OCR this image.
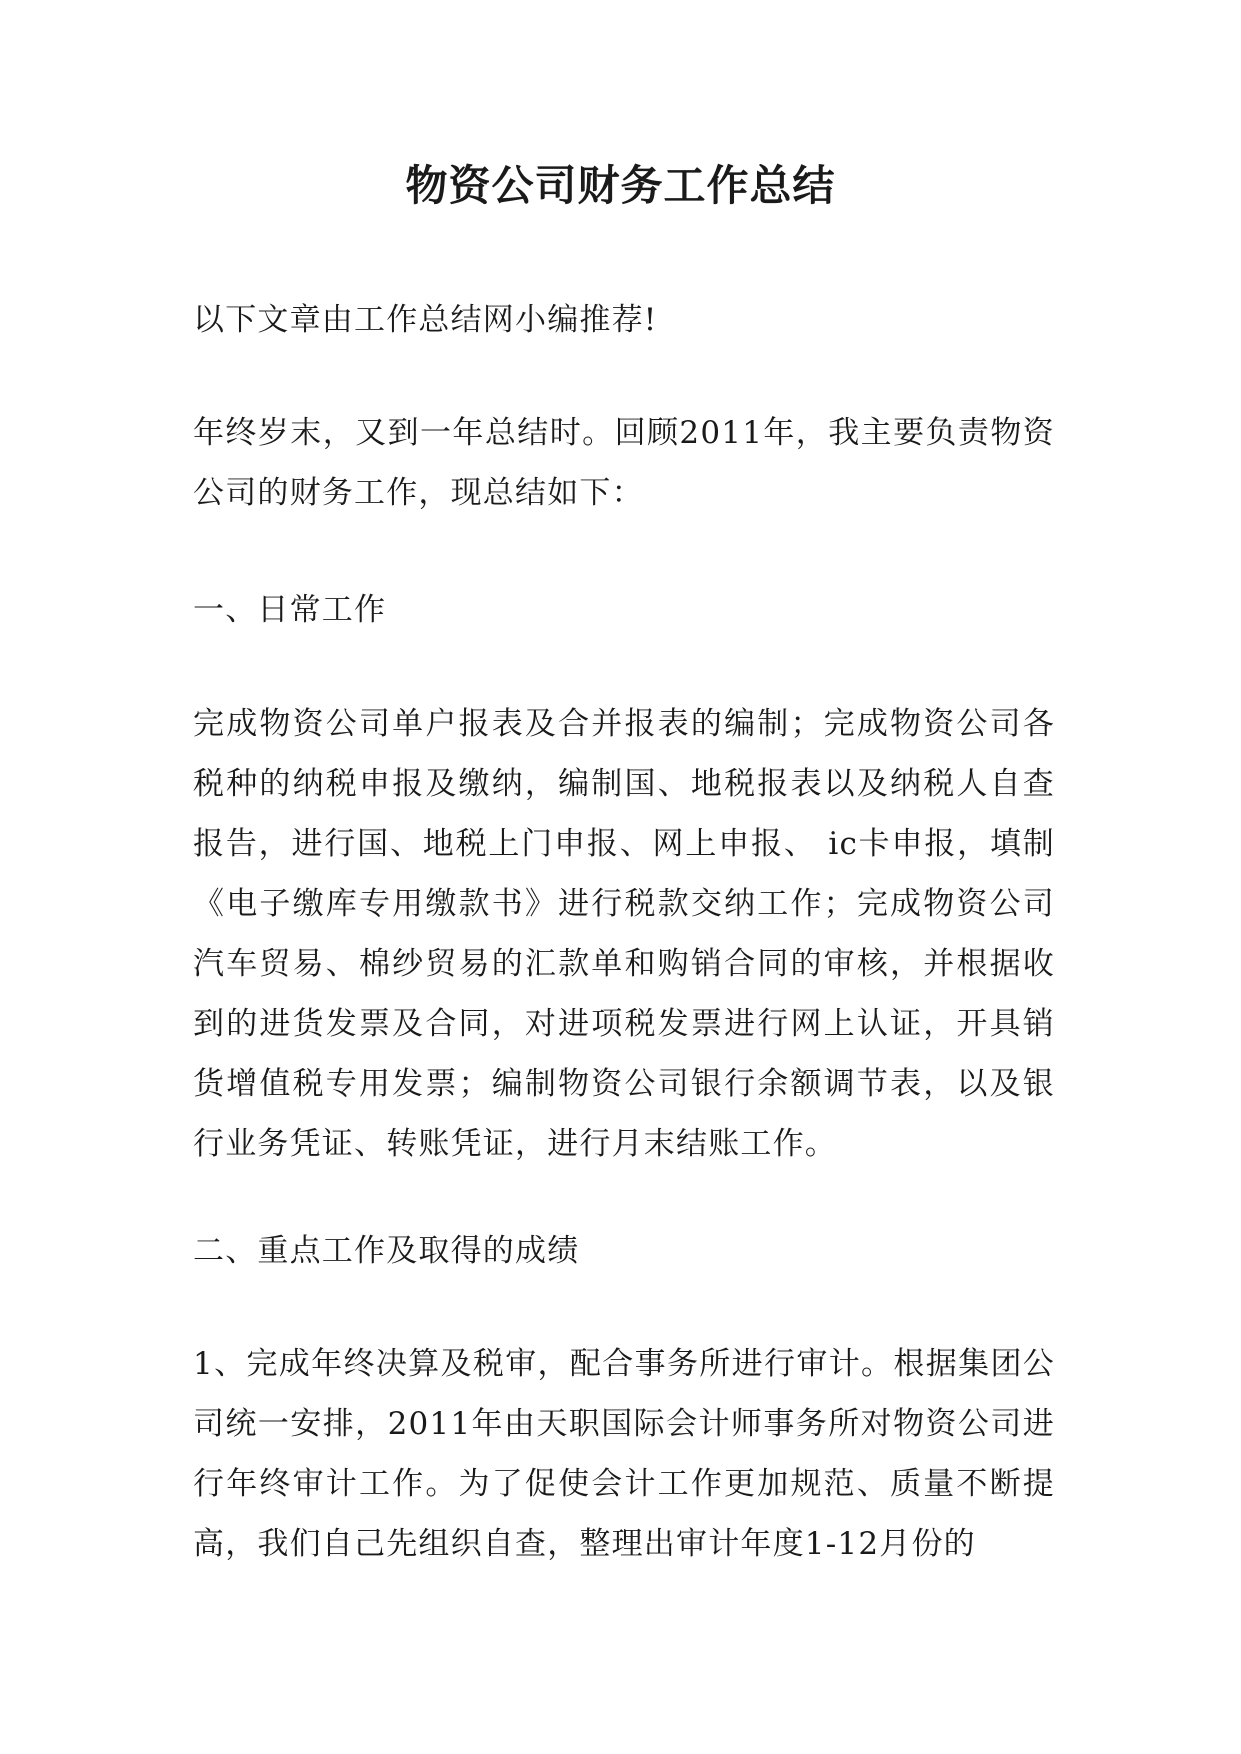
物资公司财务工作总结

以下文章由工作总结网小编推荐!

年终岁末，又到一年总结时。回顾2011年，我主要负责物资公司的财务工作，现总结如下：

一、日常工作

完成物资公司单户报表及合并报表的编制；完成物资公司各税种的纳税申报及缴纳，编制国、地税报表以及纳税人自查报告，进行国、地税上门申报、网上申报、 ic卡申报，填制《电子缴库专用缴款书》进行税款交纳工作；完成物资公司汽车贸易、棉纱贸易的汇款单和购销合同的审核，并根据收到的进货发票及合同，对进项税发票进行网上认证，开具销货增值税专用发票；编制物资公司银行余额调节表，以及银行业务凭证、转账凭证，进行月末结账工作。

二、重点工作及取得的成绩

1、完成年终决算及税审，配合事务所进行审计。根据集团公司统一安排，2011年由天职国际会计师事务所对物资公司进行年终审计工作。为了促使会计工作更加规范、质量不断提高，我们自己先组织自查，整理出审计年度1-12月份的
